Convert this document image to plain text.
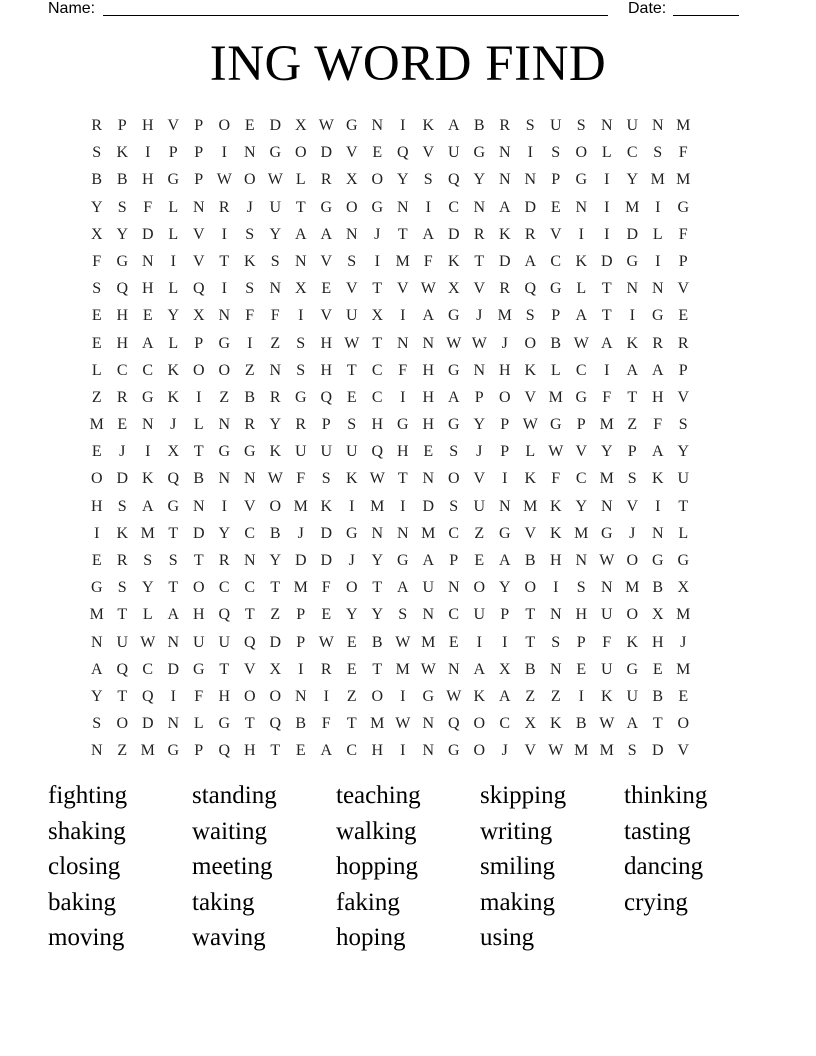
Name:	Date:
ING WORD FIND
R P H V P O E D X W G N	I	K A B R S U S N U N M
S K	I	P	P	I	N G O D V E Q V U G N	I	S O L C S	F
B B H G P W O W L R X O Y S Q Y N N P G	I	Y M M
Y S	F	L N R	J	U T G O G N	I	C N A D E N	I M I	G
X Y D L V	I	S Y A A N	J	T A D R K R V	I	I	D L	F
F G N	I	V T K S N V S	I M F K T D A C K D G	I	P
S Q H L Q	I	S N X E V T V W X V R Q G L T N N V
E H E Y X N F	F	I	V U X	I	A G	J M S	P A T	I	G E
E H A L	P G	I	Z	S H W T N N W W J	O B W A K R R
L C C K O O Z N S H T C F H G N H K L C	I	A A P
Z R G K	I	Z B R G Q E C	I	H A P O V M G F	T H V
M E N	J	L N R Y R P	S H G H G Y P W G P M Z	F	S
E	J	I	X T G G K U U U Q H E	S	J	P	L W V Y P A Y
O D K Q B N N W F	S K W T N O V	I	K F C M S K U
H S A G N	I	V O M K	I M I	D S U N M K Y N V	I	T
I	K M T D Y C B	J	D G N N M C Z G V K M G	J	N L
E R S	S	T R N Y D D	J	Y G A P	E A B H N W O G G
G S Y T O C C T M F O T A U N O Y O	I	S N M B X
M T L A H Q T Z	P	E Y Y S N C U P	T N H U O X M
N U W N U U Q D P W E B W M E	I	I	T	S	P	F K H	J
A Q C D G T V X	I	R E T M W N A X B N E U G E M
Y T Q	I	F H O O N	I	Z O	I	G W K A Z Z	I	K U B E
S O D N L G T Q B F	T M W N Q O C X K B W A T O
N Z M G P Q H T E A C H	I	N G O	J	V W M M S D V
fighting	standing	teaching	skipping	thinking
shaking	waiting	walking	writing	tasting
closing	meeting	hopping	smiling	dancing
baking	taking	faking	making	crying
moving	waving	hoping	using
